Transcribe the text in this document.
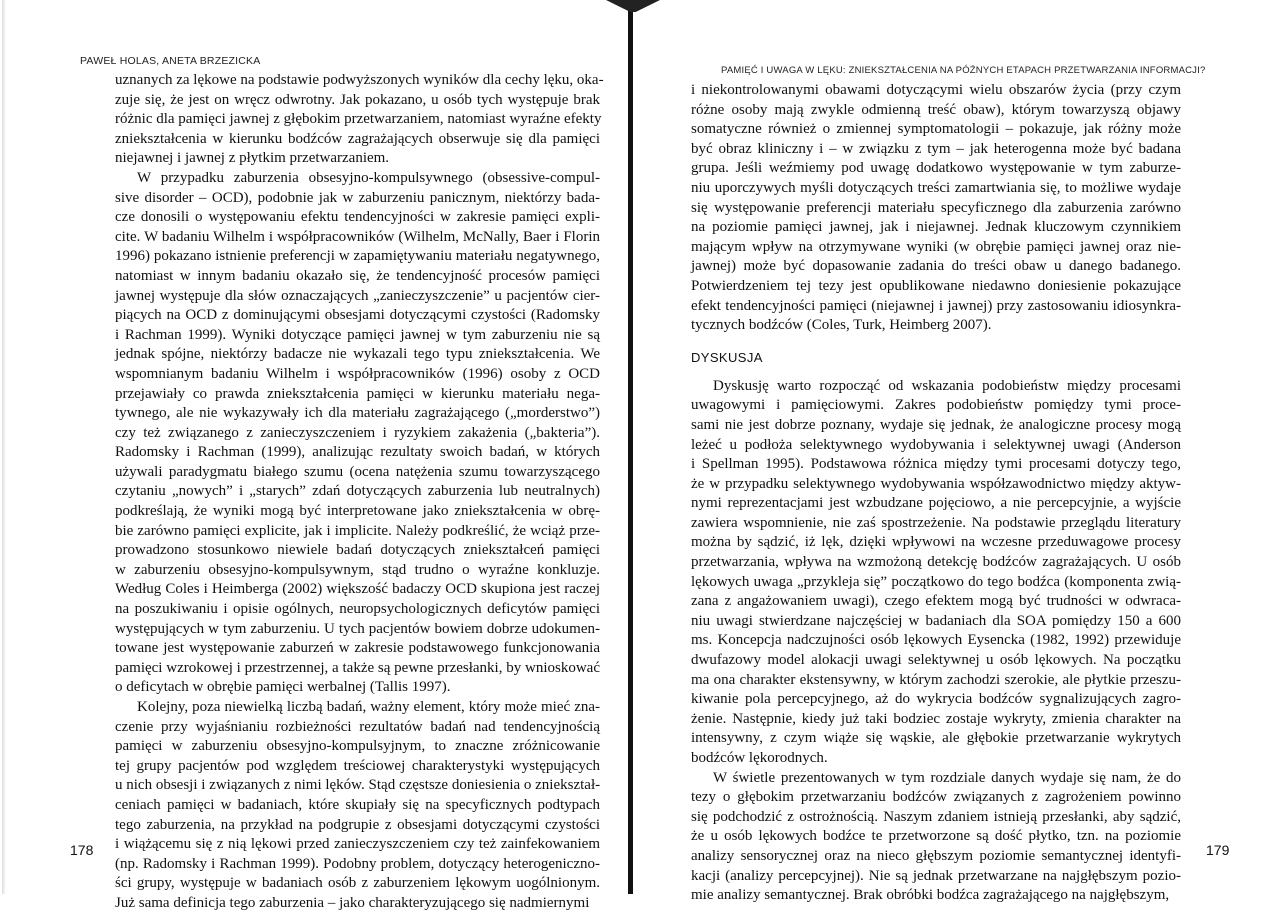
PAWEŁ HOLAS, ANETA BRZEZICKA
uznanych za lękowe na podstawie podwyższonych wyników dla cechy lęku, oka-
zuje się, że jest on wręcz odwrotny. Jak pokazano, u osób tych występuje brak
różnic dla pamięci jawnej z głębokim przetwarzaniem, natomiast wyraźne efekty
zniekształcenia w kierunku bodźców zagrażających obserwuje się dla pamięci
niejawnej i jawnej z płytkim przetwarzaniem.
W przypadku zaburzenia obsesyjno-kompulsywnego (obsessive-compul-
sive disorder – OCD), podobnie jak w zaburzeniu panicznym, niektórzy bada-
cze donosili o występowaniu efektu tendencyjności w zakresie pamięci expli-
cite. W badaniu Wilhelm i współpracowników (Wilhelm, McNally, Baer i Florin
1996) pokazano istnienie preferencji w zapamiętywaniu materiału negatywnego,
natomiast w innym badaniu okazało się, że tendencyjność procesów pamięci
jawnej występuje dla słów oznaczających „zanieczyszczenie” u pacjentów cier-
piących na OCD z dominującymi obsesjami dotyczącymi czystości (Radomsky
i Rachman 1999). Wyniki dotyczące pamięci jawnej w tym zaburzeniu nie są
jednak spójne, niektórzy badacze nie wykazali tego typu zniekształcenia. We
wspomnianym badaniu Wilhelm i współpracowników (1996) osoby z OCD
przejawiały co prawda zniekształcenia pamięci w kierunku materiału nega-
tywnego, ale nie wykazywały ich dla materiału zagrażającego („morderstwo”)
czy też związanego z zanieczyszczeniem i ryzykiem zakażenia („bakteria”).
Radomsky i Rachman (1999), analizując rezultaty swoich badań, w których
używali paradygmatu białego szumu (ocena natężenia szumu towarzyszącego
czytaniu „nowych” i „starych” zdań dotyczących zaburzenia lub neutralnych)
podkreślają, że wyniki mogą być interpretowane jako zniekształcenia w obrę-
bie zarówno pamięci explicite, jak i implicite. Należy podkreślić, że wciąż prze-
prowadzono stosunkowo niewiele badań dotyczących zniekształceń pamięci
w zaburzeniu obsesyjno-kompulsywnym, stąd trudno o wyraźne konkluzje.
Według Coles i Heimberga (2002) większość badaczy OCD skupiona jest raczej
na poszukiwaniu i opisie ogólnych, neuropsychologicznych deficytów pamięci
występujących w tym zaburzeniu. U tych pacjentów bowiem dobrze udokumen-
towane jest występowanie zaburzeń w zakresie podstawowego funkcjonowania
pamięci wzrokowej i przestrzennej, a także są pewne przesłanki, by wnioskować
o deficytach w obrębie pamięci werbalnej (Tallis 1997).
Kolejny, poza niewielką liczbą badań, ważny element, który może mieć zna-
czenie przy wyjaśnianiu rozbieżności rezultatów badań nad tendencyjnością
pamięci w zaburzeniu obsesyjno-kompulsyjnym, to znaczne zróżnicowanie
tej grupy pacjentów pod względem treściowej charakterystyki występujących
u nich obsesji i związanych z nimi lęków. Stąd częstsze doniesienia o zniekształ-
ceniach pamięci w badaniach, które skupiały się na specyficznych podtypach
tego zaburzenia, na przykład na podgrupie z obsesjami dotyczącymi czystości
i wiążącemu się z nią lękowi przed zanieczyszczeniem czy też zainfekowaniem
(np. Radomsky i Rachman 1999). Podobny problem, dotyczący heterogeniczno-
ści grupy, występuje w badaniach osób z zaburzeniem lękowym uogólnionym.
Już sama definicja tego zaburzenia – jako charakteryzującego się nadmiernymi
178
PAMIĘĆ I UWAGA W LĘKU: ZNIEKSZTAŁCENIA NA PÓŹNYCH ETAPACH PRZETWARZANIA INFORMACJI?
i niekontrolowanymi obawami dotyczącymi wielu obszarów życia (przy czym
różne osoby mają zwykle odmienną treść obaw), którym towarzyszą objawy
somatyczne również o zmiennej symptomatologii – pokazuje, jak różny może
być obraz kliniczny i – w związku z tym – jak heterogenna może być badana
grupa. Jeśli weźmiemy pod uwagę dodatkowo występowanie w tym zaburze-
niu uporczywych myśli dotyczących treści zamartwiania się, to możliwe wydaje
się występowanie preferencji materiału specyficznego dla zaburzenia zarówno
na poziomie pamięci jawnej, jak i niejawnej. Jednak kluczowym czynnikiem
mającym wpływ na otrzymywane wyniki (w obrębie pamięci jawnej oraz nie-
jawnej) może być dopasowanie zadania do treści obaw u danego badanego.
Potwierdzeniem tej tezy jest opublikowane niedawno doniesienie pokazujące
efekt tendencyjności pamięci (niejawnej i jawnej) przy zastosowaniu idiosynkra-
tycznych bodźców (Coles, Turk, Heimberg 2007).
DYSKUSJA
Dyskusję warto rozpocząć od wskazania podobieństw między procesami
uwagowymi i pamięciowymi. Zakres podobieństw pomiędzy tymi proce-
sami nie jest dobrze poznany, wydaje się jednak, że analogiczne procesy mogą
leżeć u podłoża selektywnego wydobywania i selektywnej uwagi (Anderson
i Spellman 1995). Podstawowa różnica między tymi procesami dotyczy tego,
że w przypadku selektywnego wydobywania współzawodnictwo między aktyw-
nymi reprezentacjami jest wzbudzane pojęciowo, a nie percepcyjnie, a wyjście
zawiera wspomnienie, nie zaś spostrzeżenie. Na podstawie przeglądu literatury
można by sądzić, iż lęk, dzięki wpływowi na wczesne przeduwagowe procesy
przetwarzania, wpływa na wzmożoną detekcję bodźców zagrażających. U osób
lękowych uwaga „przykleja się” początkowo do tego bodźca (komponenta zwią-
zana z angażowaniem uwagi), czego efektem mogą być trudności w odwraca-
niu uwagi stwierdzane najczęściej w badaniach dla SOA pomiędzy 150 a 600
ms. Koncepcja nadczujności osób lękowych Eysencka (1982, 1992) przewiduje
dwufazowy model alokacji uwagi selektywnej u osób lękowych. Na początku
ma ona charakter ekstensywny, w którym zachodzi szerokie, ale płytkie przeszu-
kiwanie pola percepcyjnego, aż do wykrycia bodźców sygnalizujących zagro-
żenie. Następnie, kiedy już taki bodziec zostaje wykryty, zmienia charakter na
intensywny, z czym wiąże się wąskie, ale głębokie przetwarzanie wykrytych
bodźców lękorodnych.
W świetle prezentowanych w tym rozdziale danych wydaje się nam, że do
tezy o głębokim przetwarzaniu bodźców związanych z zagrożeniem powinno
się podchodzić z ostrożnością. Naszym zdaniem istnieją przesłanki, aby sądzić,
że u osób lękowych bodźce te przetworzone są dość płytko, tzn. na poziomie
analizy sensorycznej oraz na nieco głębszym poziomie semantycznej identyfi-
kacji (analizy percepcyjnej). Nie są jednak przetwarzane na najgłębszym pozio-
mie analizy semantycznej. Brak obróbki bodźca zagrażającego na najgłębszym,
179
